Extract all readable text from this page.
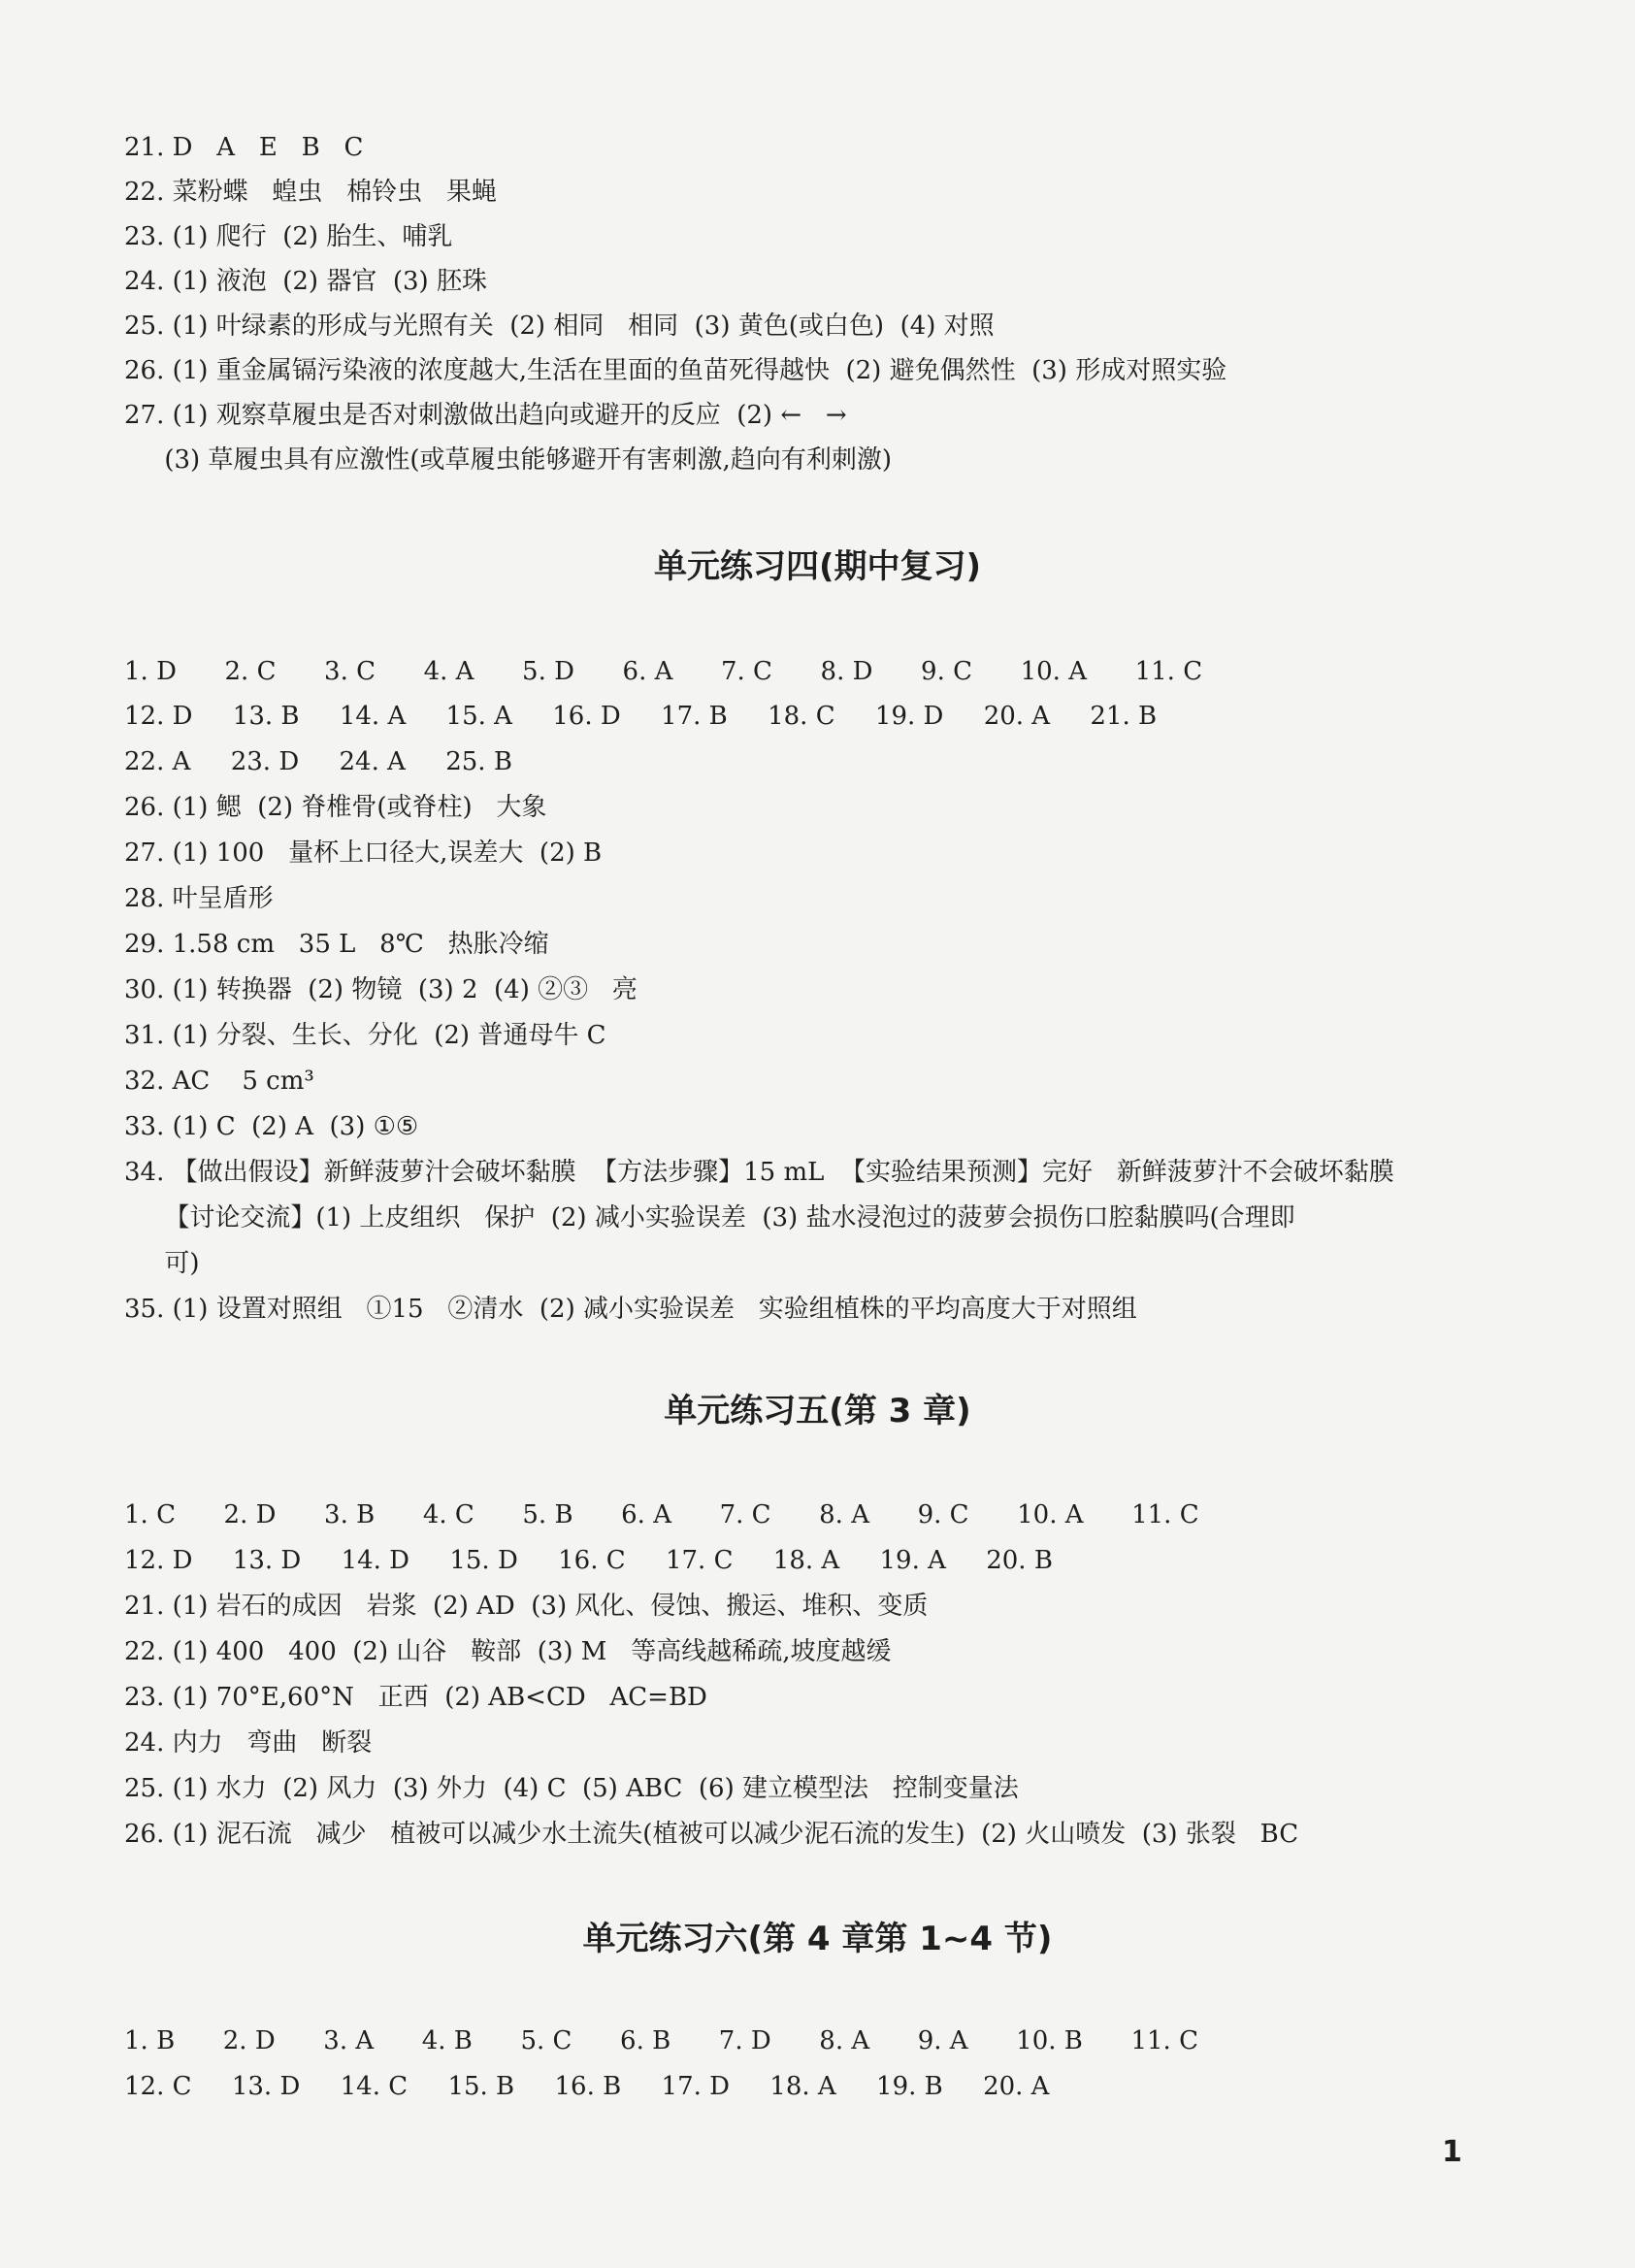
21. D   A   E   B   C
22. 菜粉蝶   蝗虫   棉铃虫   果蝇
23. (1) 爬行  (2) 胎生、哺乳
24. (1) 液泡  (2) 器官  (3) 胚珠
25. (1) 叶绿素的形成与光照有关  (2) 相同   相同  (3) 黄色(或白色)  (4) 对照
26. (1) 重金属镉污染液的浓度越大,生活在里面的鱼苗死得越快  (2) 避免偶然性  (3) 形成对照实验
27. (1) 观察草履虫是否对刺激做出趋向或避开的反应  (2) ←   →
(3) 草履虫具有应激性(或草履虫能够避开有害刺激,趋向有利刺激)
单元练习四(期中复习)
1. D      2. C      3. C      4. A      5. D      6. A      7. C      8. D      9. C      10. A      11. C
12. D     13. B     14. A     15. A     16. D     17. B     18. C     19. D     20. A     21. B
22. A     23. D     24. A     25. B
26. (1) 鳃  (2) 脊椎骨(或脊柱)   大象
27. (1) 100   量杯上口径大,误差大  (2) B
28. 叶呈盾形
29. 1.58 cm   35 L   8℃   热胀冷缩
30. (1) 转换器  (2) 物镜  (3) 2  (4) ②③   亮
31. (1) 分裂、生长、分化  (2) 普通母牛 C
32. AC    5 cm³
33. (1) C  (2) A  (3) ①⑤
34. 【做出假设】新鲜菠萝汁会破坏黏膜  【方法步骤】15 mL  【实验结果预测】完好   新鲜菠萝汁不会破坏黏膜
【讨论交流】(1) 上皮组织   保护  (2) 减小实验误差  (3) 盐水浸泡过的菠萝会损伤口腔黏膜吗(合理即
可)
35. (1) 设置对照组   ①15   ②清水  (2) 减小实验误差   实验组植株的平均高度大于对照组
单元练习五(第 3 章)
1. C      2. D      3. B      4. C      5. B      6. A      7. C      8. A      9. C      10. A      11. C
12. D     13. D     14. D     15. D     16. C     17. C     18. A     19. A     20. B
21. (1) 岩石的成因   岩浆  (2) AD  (3) 风化、侵蚀、搬运、堆积、变质
22. (1) 400   400  (2) 山谷   鞍部  (3) M   等高线越稀疏,坡度越缓
23. (1) 70°E,60°N   正西  (2) AB<CD   AC=BD
24. 内力   弯曲   断裂
25. (1) 水力  (2) 风力  (3) 外力  (4) C  (5) ABC  (6) 建立模型法   控制变量法
26. (1) 泥石流   减少   植被可以减少水土流失(植被可以减少泥石流的发生)  (2) 火山喷发  (3) 张裂   BC
单元练习六(第 4 章第 1~4 节)
1. B      2. D      3. A      4. B      5. C      6. B      7. D      8. A      9. A      10. B      11. C
12. C     13. D     14. C     15. B     16. B     17. D     18. A     19. B     20. A
1
